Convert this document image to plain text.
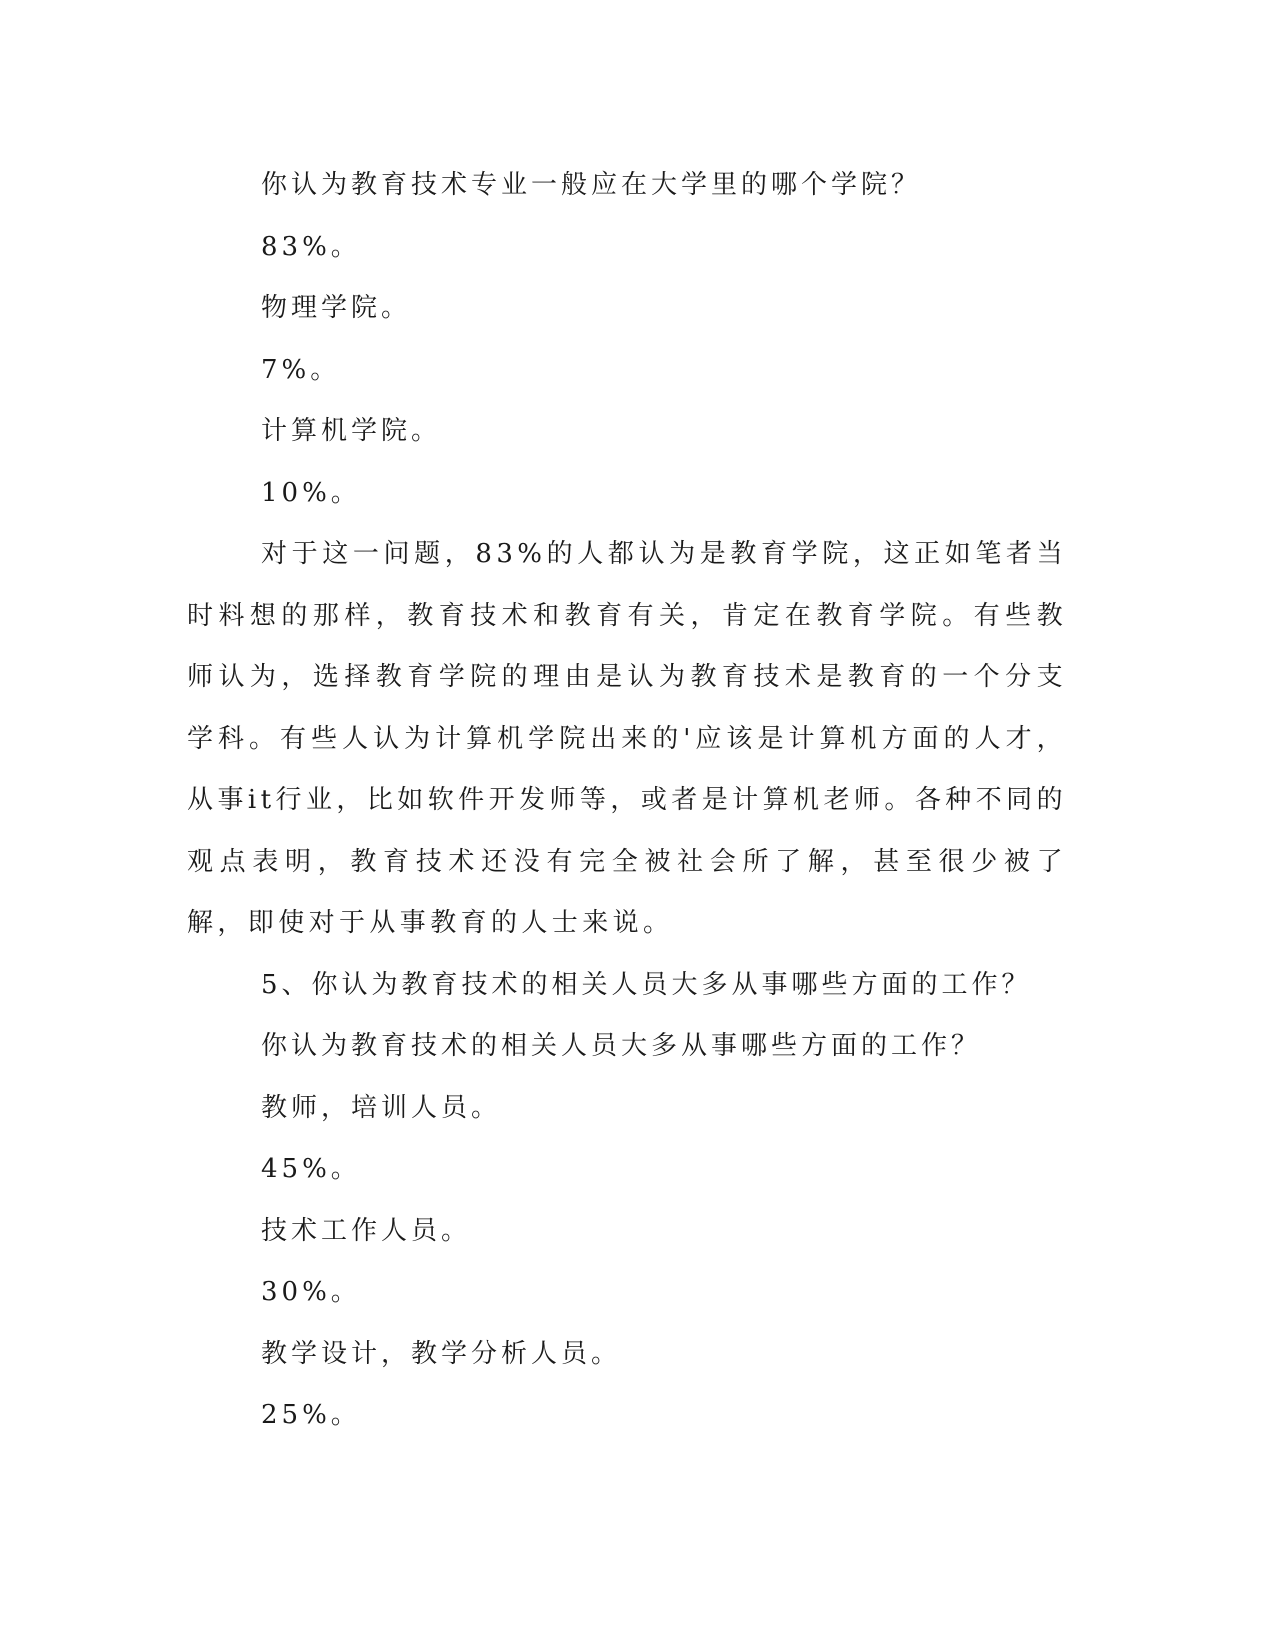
你认为教育技术专业一般应在大学里的哪个学院？

83%。

物理学院。

7%。

计算机学院。

10%。

对于这一问题，83%的人都认为是教育学院，这正如笔者当时料想的那样，教育技术和教育有关，肯定在教育学院。有些教师认为，选择教育学院的理由是认为教育技术是教育的一个分支学科。有些人认为计算机学院出来的'应该是计算机方面的人才，从事it行业，比如软件开发师等，或者是计算机老师。各种不同的观点表明，教育技术还没有完全被社会所了解，甚至很少被了解，即使对于从事教育的人士来说。

5、你认为教育技术的相关人员大多从事哪些方面的工作？

你认为教育技术的相关人员大多从事哪些方面的工作？

教师，培训人员。

45%。

技术工作人员。

30%。

教学设计，教学分析人员。

25%。
